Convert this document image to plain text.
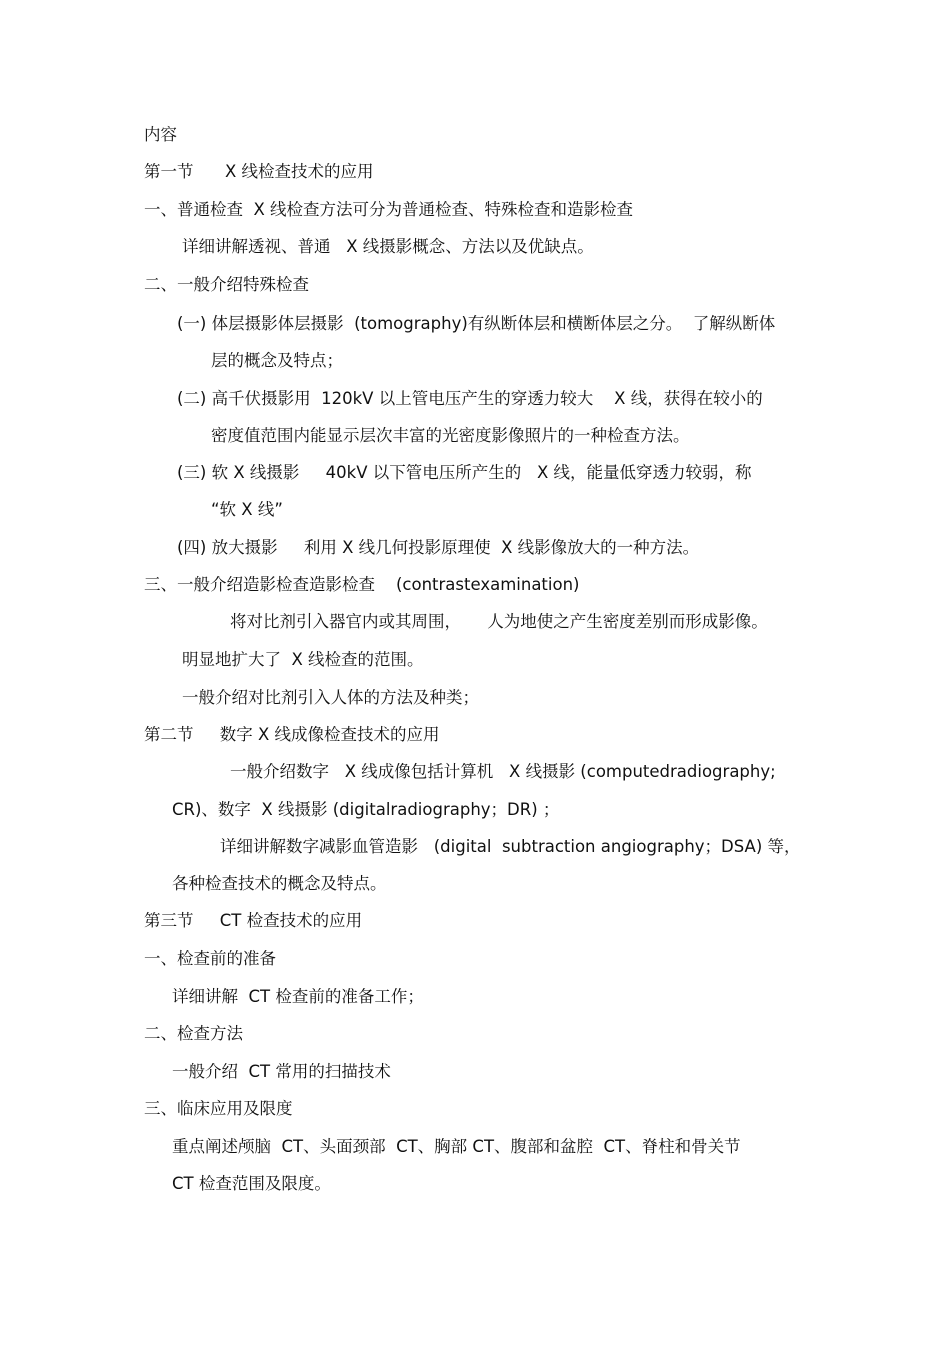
内容
第一节      X 线检查技术的应用
一、普通检查  X 线检查方法可分为普通检查、特殊检查和造影检查
详细讲解透视、普通   X 线摄影概念、方法以及优缺点。
二、一般介绍特殊检查
(一) 体层摄影体层摄影  (tomography)有纵断体层和横断体层之分。  了解纵断体
层的概念及特点；
(二) 高千伏摄影用  120kV 以上管电压产生的穿透力较大    X 线，获得在较小的
密度值范围内能显示层次丰富的光密度影像照片的一种检查方法。
(三) 软 X 线摄影     40kV 以下管电压所产生的   X 线，能量低穿透力较弱，称
“软 X 线”
(四) 放大摄影     利用 X 线几何投影原理使  X 线影像放大的一种方法。
三、一般介绍造影检查造影检查    (contrastexamination)
将对比剂引入器官内或其周围，     人为地使之产生密度差别而形成影像。
明显地扩大了  X 线检查的范围。
一般介绍对比剂引入人体的方法及种类；
第二节     数字 X 线成像检查技术的应用
一般介绍数字   X 线成像包括计算机   X 线摄影 (computedradiography;
CR)、数字  X 线摄影 (digitalradiography；DR) ；
详细讲解数字减影血管造影   (digital  subtraction angiography；DSA) 等，
各种检查技术的概念及特点。
第三节     CT 检查技术的应用
一、检查前的准备
详细讲解  CT 检查前的准备工作；
二、检查方法
一般介绍  CT 常用的扫描技术
三、临床应用及限度
重点阐述颅脑  CT、头面颈部  CT、胸部 CT、腹部和盆腔  CT、脊柱和骨关节
CT 检查范围及限度。
